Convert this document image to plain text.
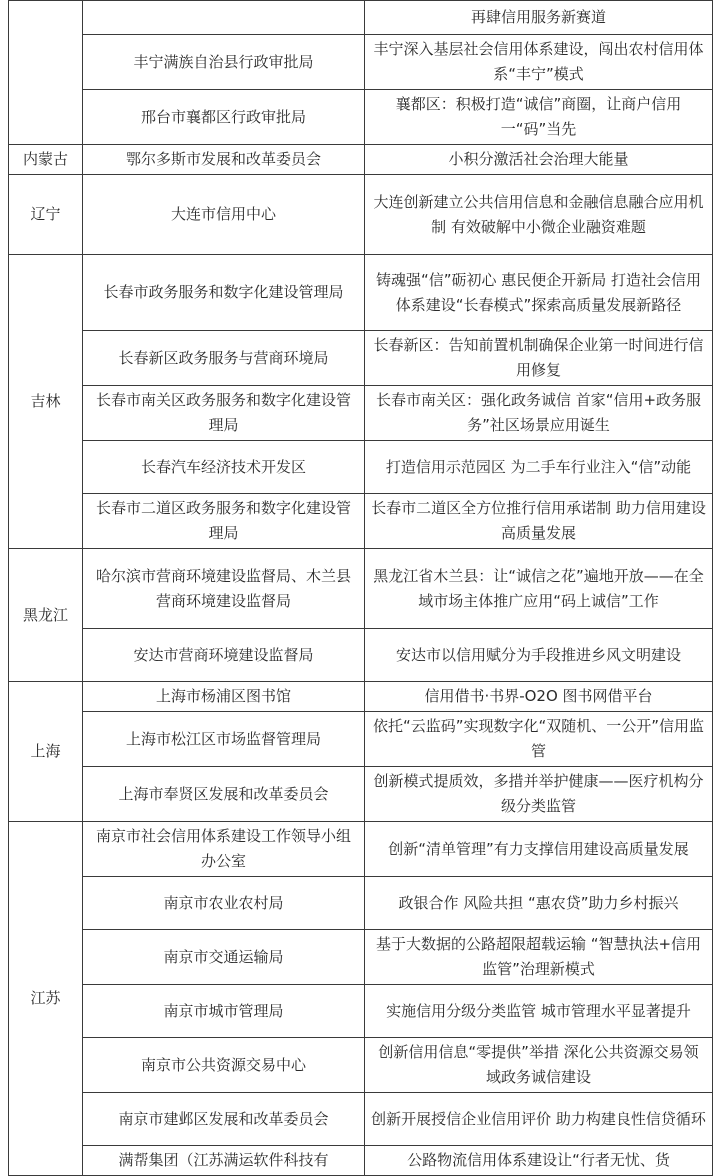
		再肆信用服务新赛道
	丰宁满族自治县行政审批局	丰宁深入基层社会信用体系建设，闯出农村信用体系“丰宁”模式
	邢台市襄都区行政审批局	襄都区：积极打造“诚信”商圈，让商户信用一“码”当先
内蒙古	鄂尔多斯市发展和改革委员会	小积分激活社会治理大能量
辽宁	大连市信用中心	大连创新建立公共信用信息和金融信息融合应用机制 有效破解中小微企业融资难题
吉林	长春市政务服务和数字化建设管理局	铸魂强“信”砺初心 惠民便企开新局 打造社会信用体系建设“长春模式”探索高质量发展新路径
	长春新区政务服务与营商环境局	长春新区：告知前置机制确保企业第一时间进行信用修复
	长春市南关区政务服务和数字化建设管理局	长春市南关区：强化政务诚信 首家“信用+政务服务”社区场景应用诞生
	长春汽车经济技术开发区	打造信用示范园区 为二手车行业注入“信”动能
	长春市二道区政务服务和数字化建设管理局	长春市二道区全方位推行信用承诺制 助力信用建设高质量发展
黑龙江	哈尔滨市营商环境建设监督局、木兰县营商环境建设监督局	黑龙江省木兰县：让“诚信之花”遍地开放——在全域市场主体推广应用“码上诚信”工作
	安达市营商环境建设监督局	安达市以信用赋分为手段推进乡风文明建设
上海	上海市杨浦区图书馆	信用借书·书界-O2O 图书网借平台
	上海市松江区市场监督管理局	依托“云监码”实现数字化“双随机、一公开”信用监管
	上海市奉贤区发展和改革委员会	创新模式提质效，多措并举护健康——医疗机构分级分类监管
江苏	南京市社会信用体系建设工作领导小组办公室	创新“清单管理”有力支撑信用建设高质量发展
	南京市农业农村局	政银合作 风险共担 “惠农贷”助力乡村振兴
	南京市交通运输局	基于大数据的公路超限超载运输 “智慧执法+信用监管”治理新模式
	南京市城市管理局	实施信用分级分类监管 城市管理水平显著提升
	南京市公共资源交易中心	创新信用信息“零提供”举措 深化公共资源交易领域政务诚信建设
	南京市建邺区发展和改革委员会	创新开展授信企业信用评价 助力构建良性信贷循环
	满帮集团（江苏满运软件科技有	公路物流信用体系建设让“行者无忧、货
